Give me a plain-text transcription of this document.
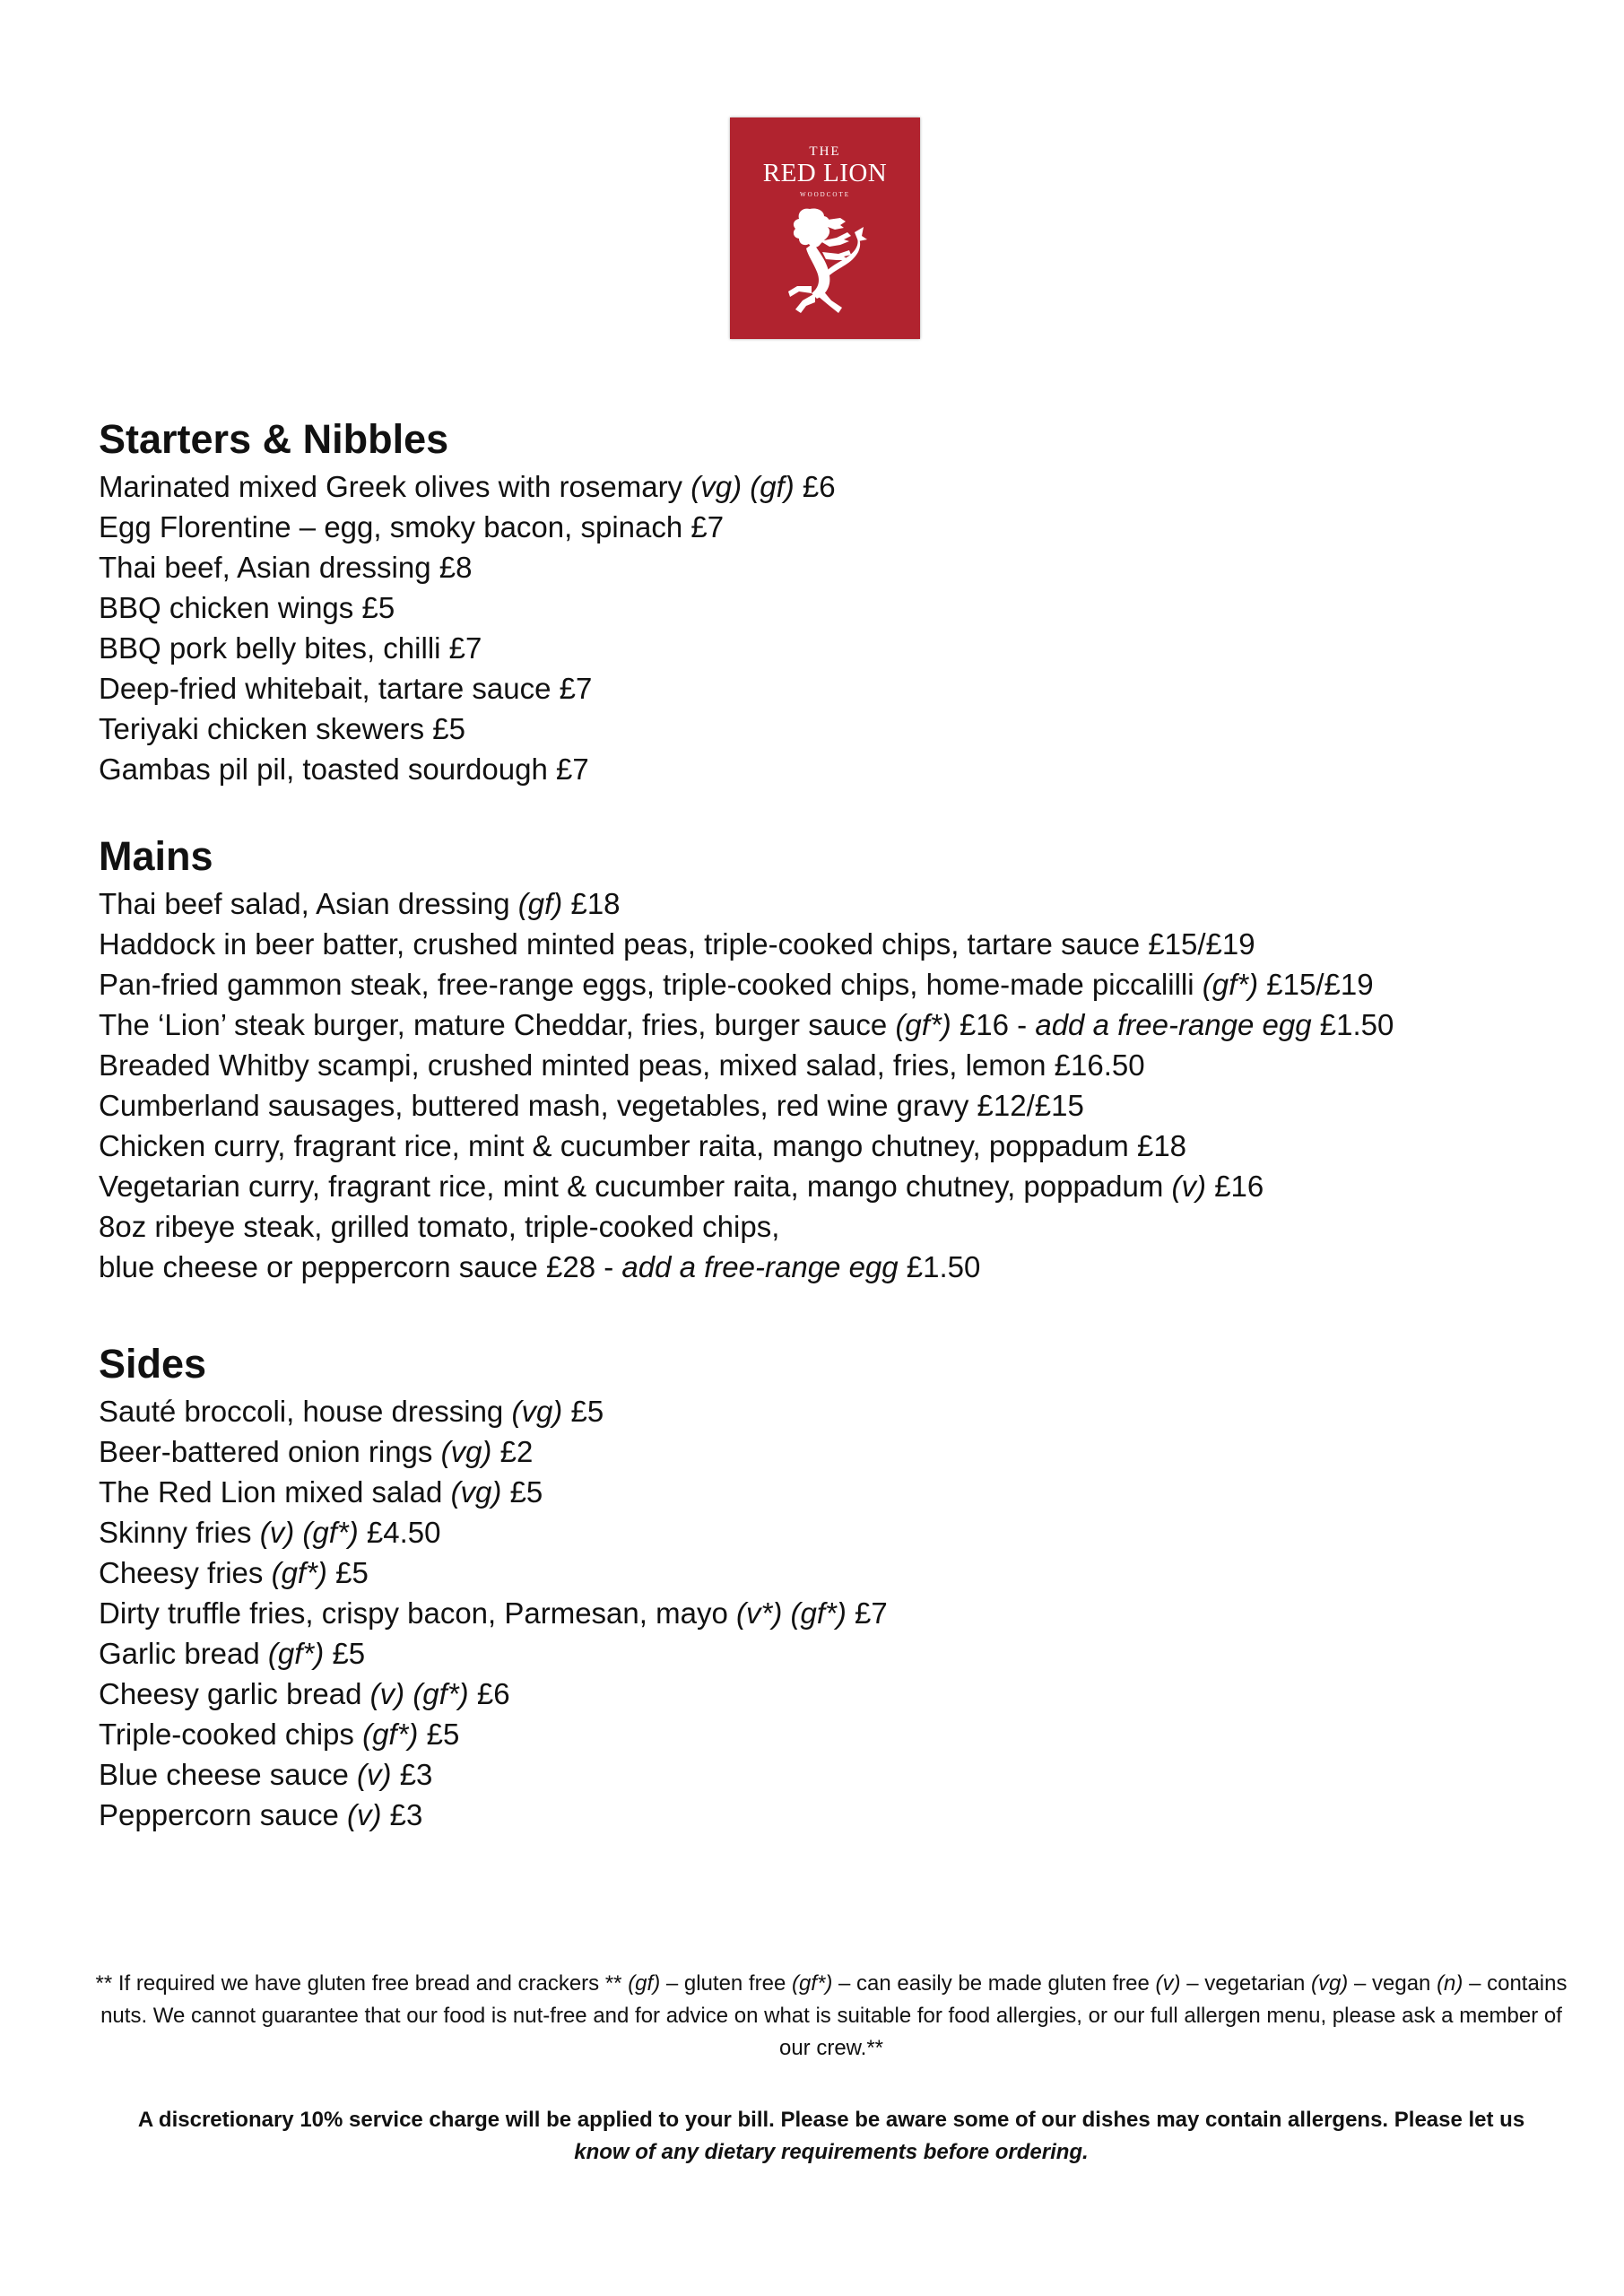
THE
RED LION
WOODCOTE
Starters & Nibbles
Marinated mixed Greek olives with rosemary (vg) (gf) £6
Egg Florentine – egg, smoky bacon, spinach £7
Thai beef, Asian dressing £8
BBQ chicken wings £5
BBQ pork belly bites, chilli £7
Deep-fried whitebait, tartare sauce £7
Teriyaki chicken skewers £5
Gambas pil pil, toasted sourdough £7
Mains
Thai beef salad, Asian dressing (gf) £18
Haddock in beer batter, crushed minted peas, triple-cooked chips, tartare sauce £15/£19
Pan-fried gammon steak, free-range eggs, triple-cooked chips, home-made piccalilli (gf*) £15/£19
The ‘Lion’ steak burger, mature Cheddar, fries, burger sauce (gf*) £16 - add a free-range egg £1.50
Breaded Whitby scampi, crushed minted peas, mixed salad, fries, lemon £16.50
Cumberland sausages, buttered mash, vegetables, red wine gravy £12/£15
Chicken curry, fragrant rice, mint & cucumber raita, mango chutney, poppadum £18
Vegetarian curry, fragrant rice, mint & cucumber raita, mango chutney, poppadum (v) £16
8oz ribeye steak, grilled tomato, triple-cooked chips,
blue cheese or peppercorn sauce £28 - add a free-range egg £1.50
Sides
Sauté broccoli, house dressing (vg) £5
Beer-battered onion rings (vg) £2
The Red Lion mixed salad (vg) £5
Skinny fries (v) (gf*) £4.50
Cheesy fries (gf*) £5
Dirty truffle fries, crispy bacon, Parmesan, mayo (v*) (gf*) £7
Garlic bread (gf*) £5
Cheesy garlic bread (v) (gf*) £6
Triple-cooked chips (gf*) £5
Blue cheese sauce (v) £3
Peppercorn sauce (v) £3
** If required we have gluten free bread and crackers ** (gf) – gluten free (gf*) – can easily be made gluten free (v) – vegetarian (vg) – vegan (n) – contains nuts. We cannot guarantee that our food is nut-free and for advice on what is suitable for food allergies, or our full allergen menu, please ask a member of our crew.**
A discretionary 10% service charge will be applied to your bill. Please be aware some of our dishes may contain allergens. Please let us
know of any dietary requirements before ordering.
